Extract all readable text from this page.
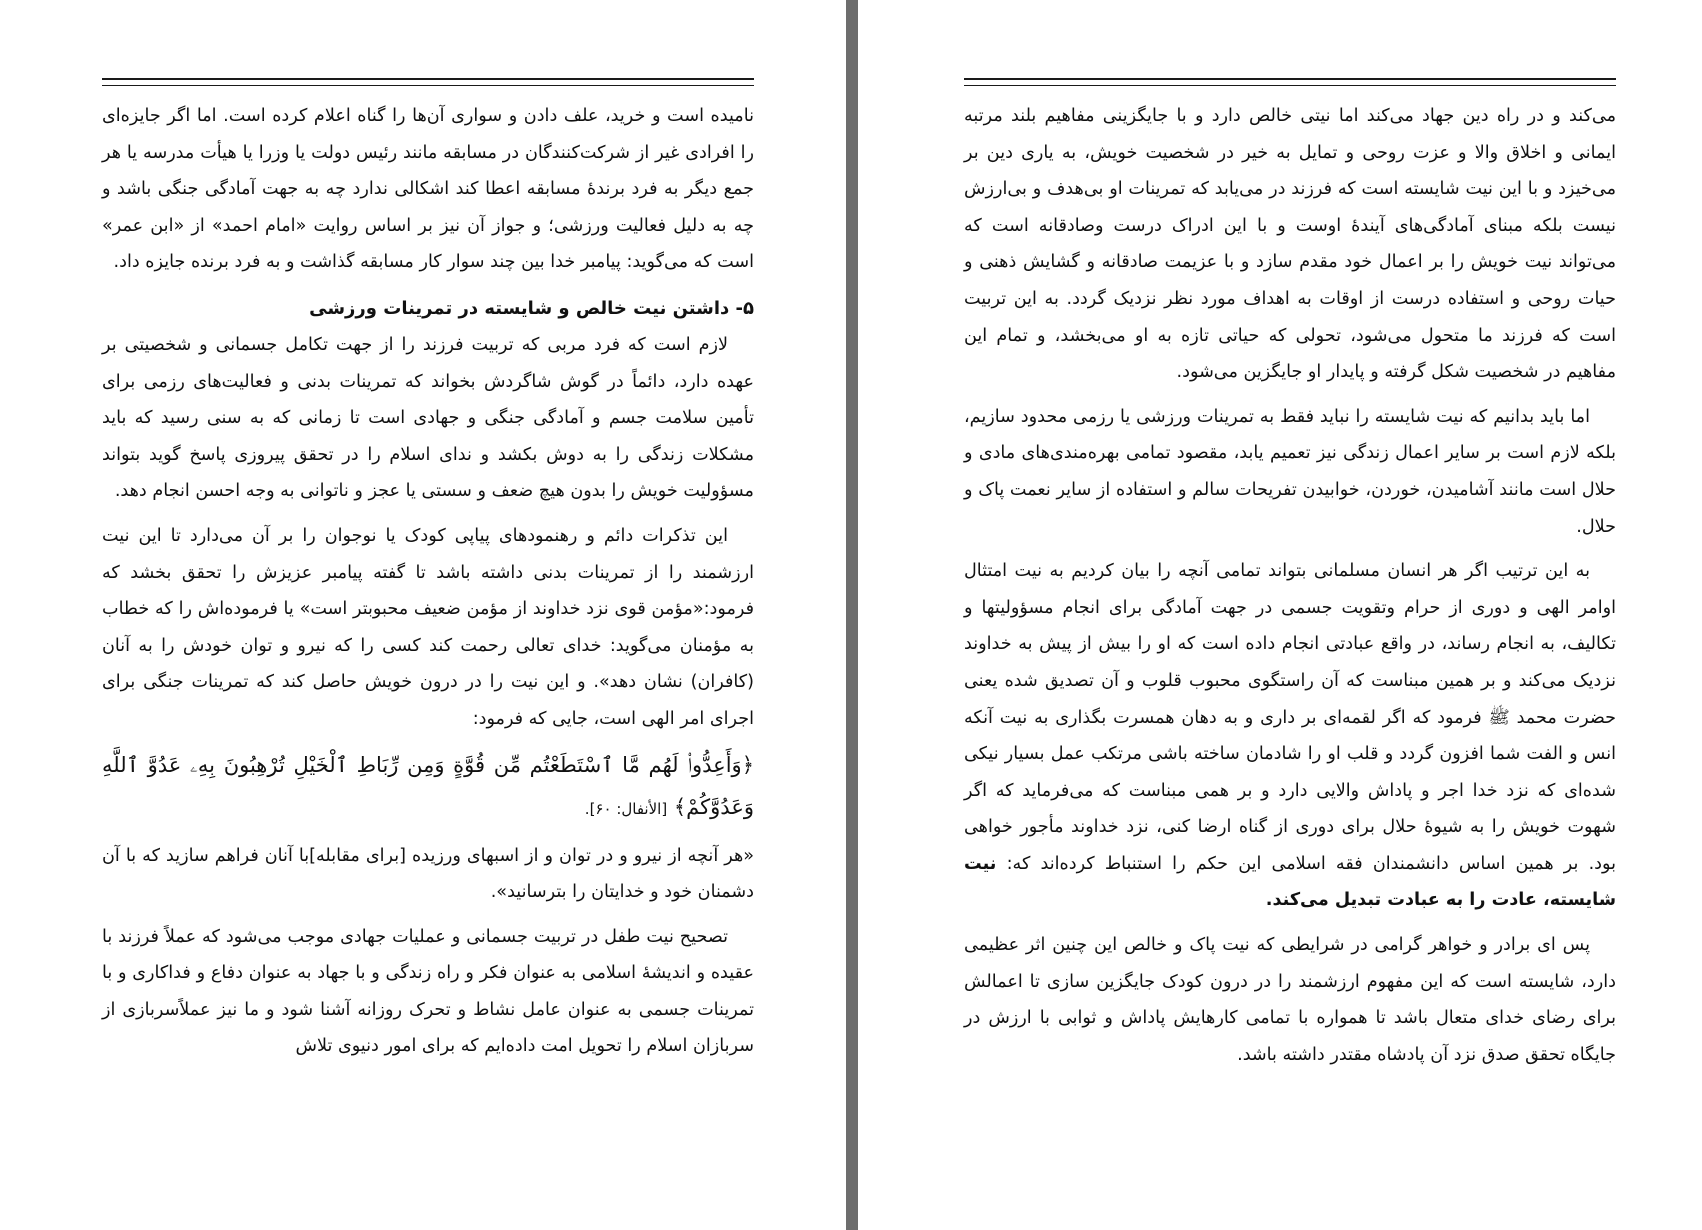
نامیده است و خرید، علف دادن و سواری آن‌ها را گناه اعلام کرده است. اما اگر جایزه‌ای را افرادی غیر از شرکت‌کنندگان در مسابقه مانند رئیس دولت یا وزرا یا هیأت مدرسه یا هر جمع دیگر به فرد برندۀ مسابقه اعطا کند اشکالی ندارد چه به جهت آمادگی جنگی باشد و چه به دلیل فعالیت ورزشی؛ و جواز آن نیز بر اساس روایت «امام احمد» از «ابن عمر» است که می‌گوید: پیامبر خدا بین چند سوار کار مسابقه گذاشت و به فرد برنده جایزه داد.

۵- داشتن نیت خالص و شایسته در تمرینات ورزشی

لازم است که فرد مربی که تربیت فرزند را از جهت تکامل جسمانی و شخصیتی بر عهده دارد، دائماً در گوش شاگردش بخواند که تمرینات بدنی و فعالیت‌های رزمی برای تأمین سلامت جسم و آمادگی جنگی و جهادی است تا زمانی که به سنی رسید که باید مشکلات زندگی را به دوش بکشد و ندای اسلام را در تحقق پیروزی پاسخ گوید بتواند مسؤولیت خویش را بدون هیچ ضعف و سستی یا عجز و ناتوانی به وجه احسن انجام دهد.

این تذکرات دائم و رهنمودهای پیاپی کودک یا نوجوان را بر آن می‌دارد تا این نیت ارزشمند را از تمرینات بدنی داشته باشد تا گفته پیامبر عزیزش را تحقق بخشد که فرمود:«مؤمن قوی نزد خداوند از مؤمن ضعیف محبوبتر است» یا فرموده‌اش را که خطاب به مؤمنان می‌گوید: خدای تعالی رحمت کند کسی را که نیرو و توان خودش را به آنان (کافران) نشان دهد». و این نیت را در درون خویش حاصل کند که تمرینات جنگی برای اجرای امر الهی است، جایی که فرمود:

﴿وَأَعِدُّوا۟ لَهُم مَّا ٱسْتَطَعْتُم مِّن قُوَّةٍ وَمِن رِّبَاطِ ٱلْخَيْلِ تُرْهِبُونَ بِهِۦ عَدُوَّ ٱللَّهِ وَعَدُوَّكُمْ﴾ [الأنفال: ۶۰].

«هر آنچه از نیرو و در توان و از اسبهای ورزیده [برای مقابله]با آنان فراهم سازید که با آن دشمنان خود و خدایتان را بترسانید».

تصحیح نیت طفل در تربیت جسمانی و عملیات جهادی موجب می‌شود که عملاً فرزند با عقیده و اندیشۀ اسلامی به عنوان فکر و راه زندگی و با جهاد به عنوان دفاع و فداکاری و با تمرینات جسمی به عنوان عامل نشاط و تحرک روزانه آشنا شود و ما نیز عملاًسربازی از سربازان اسلام را تحویل امت داده‌ایم که برای امور دنیوی تلاش

می‌کند و در راه دین جهاد می‌کند اما نیتی خالص دارد و با جایگزینی مفاهیم بلند مرتبه ایمانی و اخلاق والا و عزت روحی و تمایل به خیر در شخصیت خویش، به یاری دین بر می‌خیزد و با این نیت شایسته است که فرزند در می‌یابد که تمرینات او بی‌هدف و بی‌ارزش نیست بلکه مبنای آمادگی‌های آیندۀ اوست و با این ادراک درست وصادقانه است که می‌تواند نیت خویش را بر اعمال خود مقدم سازد و با عزیمت صادقانه و گشایش ذهنی و حیات روحی و استفاده درست از اوقات به اهداف مورد نظر نزدیک گردد. به این تربیت است که فرزند ما متحول می‌شود، تحولی که حیاتی تازه به او می‌بخشد، و تمام این مفاهیم در شخصیت شکل گرفته و پایدار او جایگزین می‌شود.

اما باید بدانیم که نیت شایسته را نباید فقط به تمرینات ورزشی یا رزمی محدود سازیم، بلکه لازم است بر سایر اعمال زندگی نیز تعمیم یابد، مقصود تمامی بهره‌مندی‌های مادی و حلال است مانند آشامیدن، خوردن، خوابیدن تفریحات سالم و استفاده از سایر نعمت پاک و حلال.

به این ترتیب اگر هر انسان مسلمانی بتواند تمامی آنچه را بیان کردیم به نیت امتثال اوامر الهی و دوری از حرام وتقویت جسمی در جهت آمادگی برای انجام مسؤولیتها و تکالیف، به انجام رساند، در واقع عبادتی انجام داده است که او را بیش از پیش به خداوند نزدیک می‌کند و بر همین مبناست که آن راستگوی محبوب قلوب و آن تصدیق شده یعنی حضرت محمد ﷺ فرمود که اگر لقمه‌ای بر داری و به دهان همسرت بگذاری به نیت آنکه انس و الفت شما افزون گردد و قلب او را شادمان ساخته باشی مرتکب عمل بسیار نیکی شده‌ای که نزد خدا اجر و پاداش والایی دارد و بر همی مبناست که می‌فرماید که اگر شهوت خویش را به شیوۀ حلال برای دوری از گناه ارضا کنی، نزد خداوند مأجور خواهی بود. بر همین اساس دانشمندان فقه اسلامی این حکم را استنباط کرده‌اند که: نیت شایسته، عادت را به عبادت تبدیل می‌کند.

پس ای برادر و خواهر گرامی در شرایطی که نیت پاک و خالص این چنین اثر عظیمی دارد، شایسته است که این مفهوم ارزشمند را در درون کودک جایگزین سازی تا اعمالش برای رضای خدای متعال باشد تا همواره با تمامی کارهایش پاداش و ثوابی با ارزش در جایگاه تحقق صدق نزد آن پادشاه مقتدر داشته باشد.
